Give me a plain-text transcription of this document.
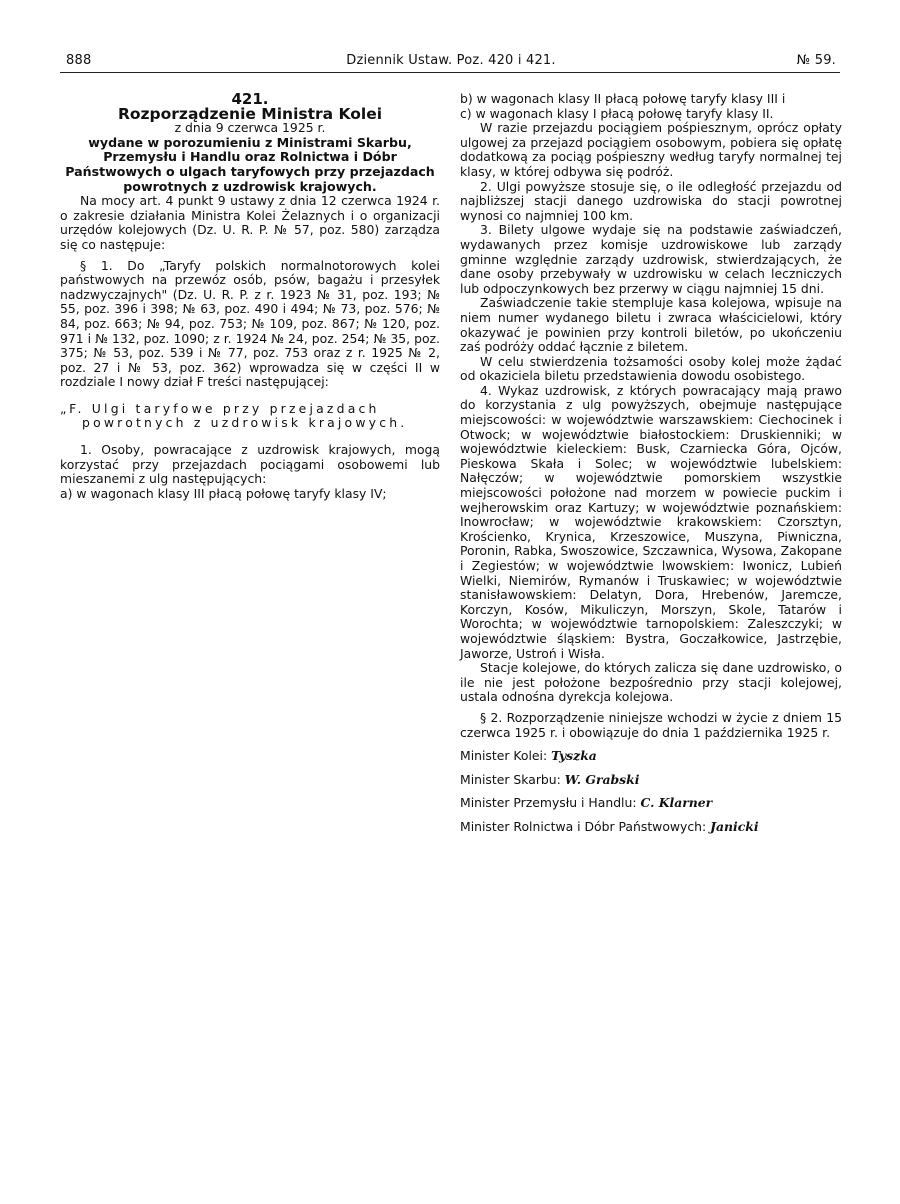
888	Dziennik Ustaw. Poz. 420 i 421.	№ 59.

421.

Rozporządzenie Ministra Kolei

z dnia 9 czerwca 1925 r.

wydane w porozumieniu z Ministrami Skarbu, Przemysłu i Handlu oraz Rolnictwa i Dóbr Państwowych o ulgach taryfowych przy przejazdach powrotnych z uzdrowisk krajowych.

Na mocy art. 4 punkt 9 ustawy z dnia 12 czerwca 1924 r. o zakresie działania Ministra Kolei Żelaznych i o organizacji urzędów kolejowych (Dz. U. R. P. № 57, poz. 580) zarządza się co następuje:

§ 1. Do „Taryfy polskich normalnotorowych kolei państwowych na przewóz osób, psów, bagażu i przesyłek nadzwyczajnych" (Dz. U. R. P. z r. 1923 № 31, poz. 193; № 55, poz. 396 i 398; № 63, poz. 490 i 494; № 73, poz. 576; № 84, poz. 663; № 94, poz. 753; № 109, poz. 867; № 120, poz. 971 i № 132, poz. 1090; z r. 1924 № 24, poz. 254; № 35, poz. 375; № 53, poz. 539 i № 77, poz. 753 oraz z r. 1925 № 2, poz. 27 i № 53, poz. 362) wprowadza się w części II w rozdziale I nowy dział F treści następującej:

„F. Ulgi taryfowe przy przejazdach powrotnych z uzdrowisk krajowych.

1. Osoby, powracające z uzdrowisk krajowych, mogą korzystać przy przejazdach pociągami osobowemi lub mieszanemi z ulg następujących:

a) w wagonach klasy III płacą połowę taryfy klasy IV;

b) w wagonach klasy II płacą połowę taryfy klasy III i

c) w wagonach klasy I płacą połowę taryfy klasy II.

W razie przejazdu pociągiem pośpiesznym, oprócz opłaty ulgowej za przejazd pociągiem osobowym, pobiera się opłatę dodatkową za pociąg pośpieszny według taryfy normalnej tej klasy, w której odbywa się podróż.

2. Ulgi powyższe stosuje się, o ile odległość przejazdu od najbliższej stacji danego uzdrowiska do stacji powrotnej wynosi co najmniej 100 km.

3. Bilety ulgowe wydaje się na podstawie zaświadczeń, wydawanych przez komisje uzdrowiskowe lub zarządy gminne względnie zarządy uzdrowisk, stwierdzających, że dane osoby przebywały w uzdrowisku w celach leczniczych lub odpoczynkowych bez przerwy w ciągu najmniej 15 dni.

Zaświadczenie takie stempluje kasa kolejowa, wpisuje na niem numer wydanego biletu i zwraca właścicielowi, który okazywać je powinien przy kontroli biletów, po ukończeniu zaś podróży oddać łącznie z biletem.

W celu stwierdzenia tożsamości osoby kolej może żądać od okaziciela biletu przedstawienia dowodu osobistego.

4. Wykaz uzdrowisk, z których powracający mają prawo do korzystania z ulg powyższych, obejmuje następujące miejscowości: w województwie warszawskiem: Ciechocinek i Otwock; w województwie białostockiem: Druskienniki; w województwie kieleckiem: Busk, Czarniecka Góra, Ojców, Pieskowa Skała i Solec; w województwie lubelskiem: Nałęczów; w województwie pomorskiem wszystkie miejscowości położone nad morzem w powiecie puckim i wejherowskim oraz Kartuzy; w województwie poznańskiem: Inowrocław; w województwie krakowskiem: Czorsztyn, Krościenko, Krynica, Krzeszowice, Muszyna, Piwniczna, Poronin, Rabka, Swoszowice, Szczawnica, Wysowa, Zakopane i Zegiestów; w województwie lwowskiem: Iwonicz, Lubień Wielki, Niemirów, Rymanów i Truskawiec; w województwie stanisławowskiem: Delatyn, Dora, Hrebenów, Jaremcze, Korczyn, Kosów, Mikuliczyn, Morszyn, Skole, Tatarów i Worochta; w województwie tarnopolskiem: Zaleszczyki; w województwie śląskiem: Bystra, Goczałkowice, Jastrzębie, Jaworze, Ustroń i Wisła.

Stacje kolejowe, do których zalicza się dane uzdrowisko, o ile nie jest położone bezpośrednio przy stacji kolejowej, ustala odnośna dyrekcja kolejowa.

§ 2. Rozporządzenie niniejsze wchodzi w życie z dniem 15 czerwca 1925 r. i obowiązuje do dnia 1 października 1925 r.

Minister Kolei: Tyszka

Minister Skarbu: W. Grabski

Minister Przemysłu i Handlu: C. Klarner

Minister Rolnictwa i Dóbr Państwowych: Janicki
